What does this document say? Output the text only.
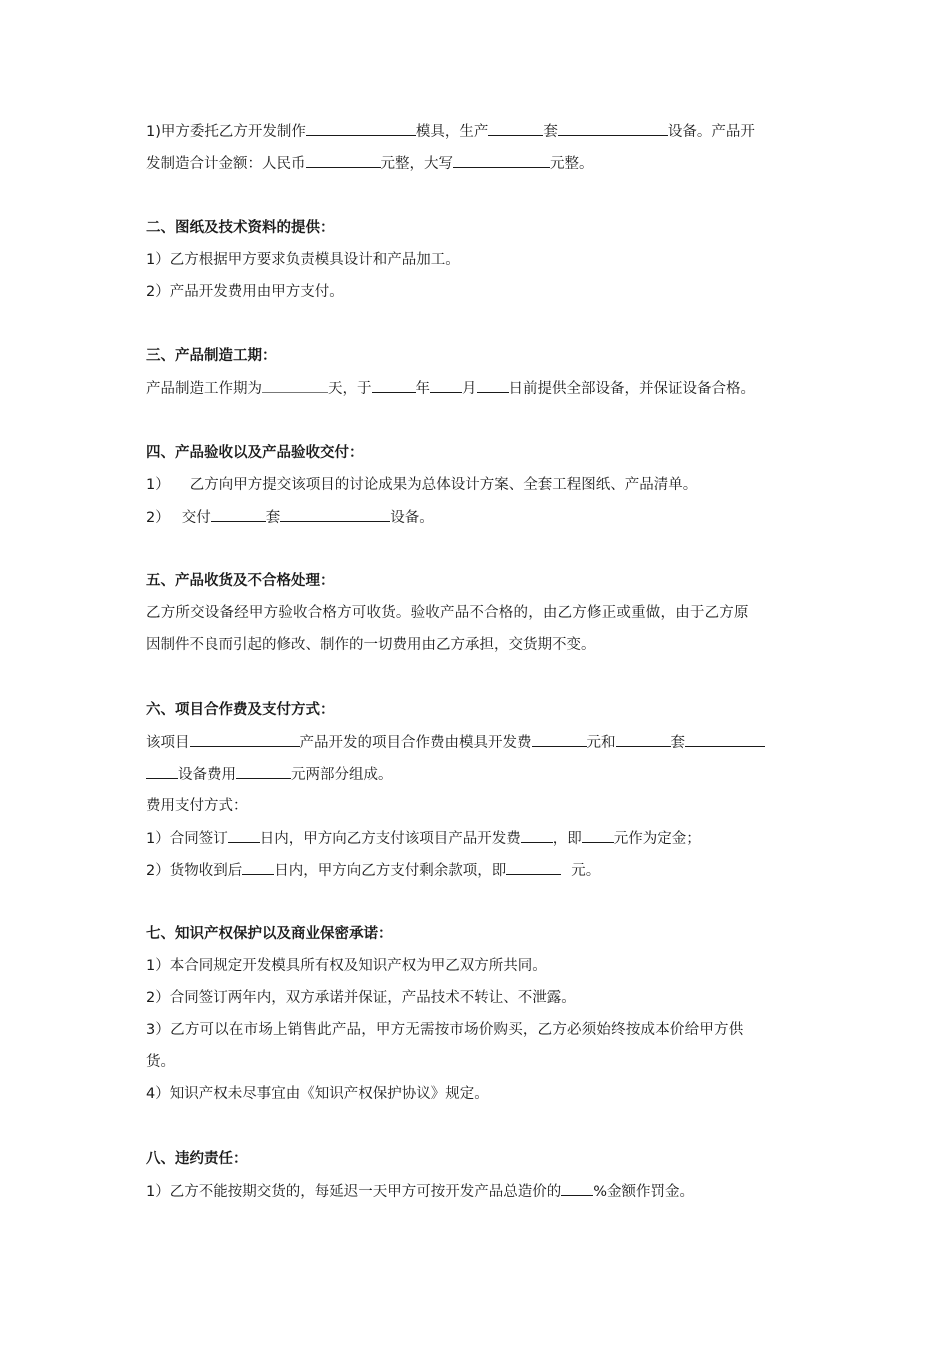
1)甲方委托乙方开发制作	模具，生产	套	设备。产品开
发制造合计金额：人民币	元整，大写	元整。
二、图纸及技术资料的提供：
1）乙方根据甲方要求负责模具设计和产品加工。
2）产品开发费用由甲方支付。
三、产品制造工期：
产品制造工作期为	天，于	年 月 日前提供全部设备，并保证设备合格。
四、产品验收以及产品验收交付：
1） 乙方向甲方提交该项目的讨论成果为总体设计方案、全套工程图纸、产品清单。
2） 交付	套	设备。
五、产品收货及不合格处理：
乙方所交设备经甲方验收合格方可收货。验收产品不合格的，由乙方修正或重做，由于乙方原
因制件不良而引起的修改、制作的一切费用由乙方承担，交货期不变。
六、项目合作费及支付方式：
该项目	产品开发的项目合作费由模具开发费	元和	套
设备费用	元两部分组成。
费用支付方式：
1）合同签订 日内，甲方向乙方支付该项目产品开发费 ，即 元作为定金；
2）货物收到后 日内，甲方向乙方支付剩余款项，即	元。
七、知识产权保护以及商业保密承诺：
1）本合同规定开发模具所有权及知识产权为甲乙双方所共同。
2）合同签订两年内，双方承诺并保证，产品技术不转让、不泄露。
3）乙方可以在市场上销售此产品，甲方无需按市场价购买，乙方必须始终按成本价给甲方供
货。
4）知识产权未尽事宜由《知识产权保护协议》规定。
八、违约责任：
1）乙方不能按期交货的，每延迟一天甲方可按开发产品总造价的 %金额作罚金。
